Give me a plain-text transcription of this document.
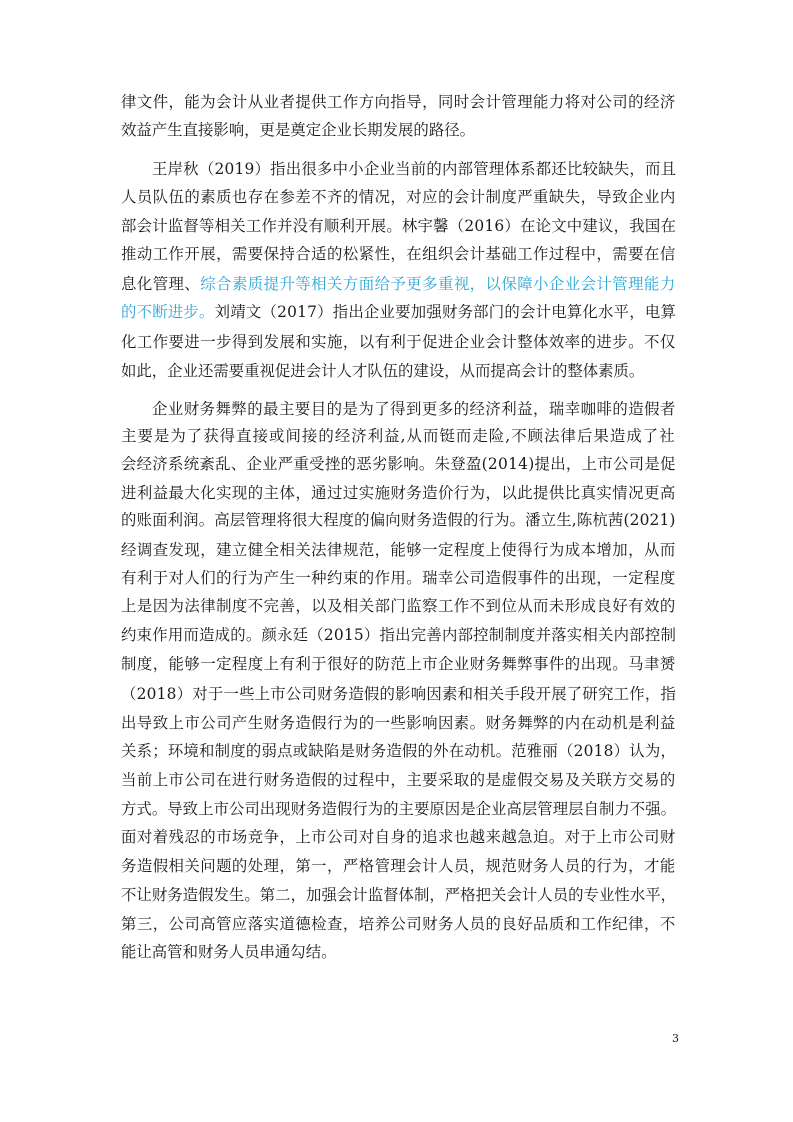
律文件，能为会计从业者提供工作方向指导，同时会计管理能力将对公司的经济
效益产生直接影响，更是奠定企业长期发展的路径。
王岸秋（2019）指出很多中小企业当前的内部管理体系都还比较缺失，而且
人员队伍的素质也存在参差不齐的情况，对应的会计制度严重缺失，导致企业内
部会计监督等相关工作并没有顺利开展。林宇馨（2016）在论文中建议，我国在
推动工作开展，需要保持合适的松紧性，在组织会计基础工作过程中，需要在信
息化管理、综合素质提升等相关方面给予更多重视，以保障小企业会计管理能力
的不断进步。刘靖文（2017）指出企业要加强财务部门的会计电算化水平，电算
化工作要进一步得到发展和实施，以有利于促进企业会计整体效率的进步。不仅
如此，企业还需要重视促进会计人才队伍的建设，从而提高会计的整体素质。
企业财务舞弊的最主要目的是为了得到更多的经济利益，瑞幸咖啡的造假者
主要是为了获得直接或间接的经济利益,从而铤而走险,不顾法律后果造成了社
会经济系统紊乱、企业严重受挫的恶劣影响。朱登盈(2014)提出，上市公司是促
进利益最大化实现的主体，通过过实施财务造价行为，以此提供比真实情况更高
的账面利润。高层管理将很大程度的偏向财务造假的行为。潘立生,陈杭茜(2021)
经调查发现，建立健全相关法律规范，能够一定程度上使得行为成本增加，从而
有利于对人们的行为产生一种约束的作用。瑞幸公司造假事件的出现，一定程度
上是因为法律制度不完善，以及相关部门监察工作不到位从而未形成良好有效的
约束作用而造成的。颜永廷（2015）指出完善内部控制制度并落实相关内部控制
制度，能够一定程度上有利于很好的防范上市企业财务舞弊事件的出现。马聿赟
（2018）对于一些上市公司财务造假的影响因素和相关手段开展了研究工作，指
出导致上市公司产生财务造假行为的一些影响因素。财务舞弊的内在动机是利益
关系；环境和制度的弱点或缺陷是财务造假的外在动机。范雅丽（2018）认为，
当前上市公司在进行财务造假的过程中，主要采取的是虚假交易及关联方交易的
方式。导致上市公司出现财务造假行为的主要原因是企业高层管理层自制力不强。
面对着残忍的市场竞争，上市公司对自身的追求也越来越急迫。对于上市公司财
务造假相关问题的处理，第一，严格管理会计人员，规范财务人员的行为，才能
不让财务造假发生。第二，加强会计监督体制，严格把关会计人员的专业性水平，
第三，公司高管应落实道德检查，培养公司财务人员的良好品质和工作纪律，不
能让高管和财务人员串通勾结。
3
